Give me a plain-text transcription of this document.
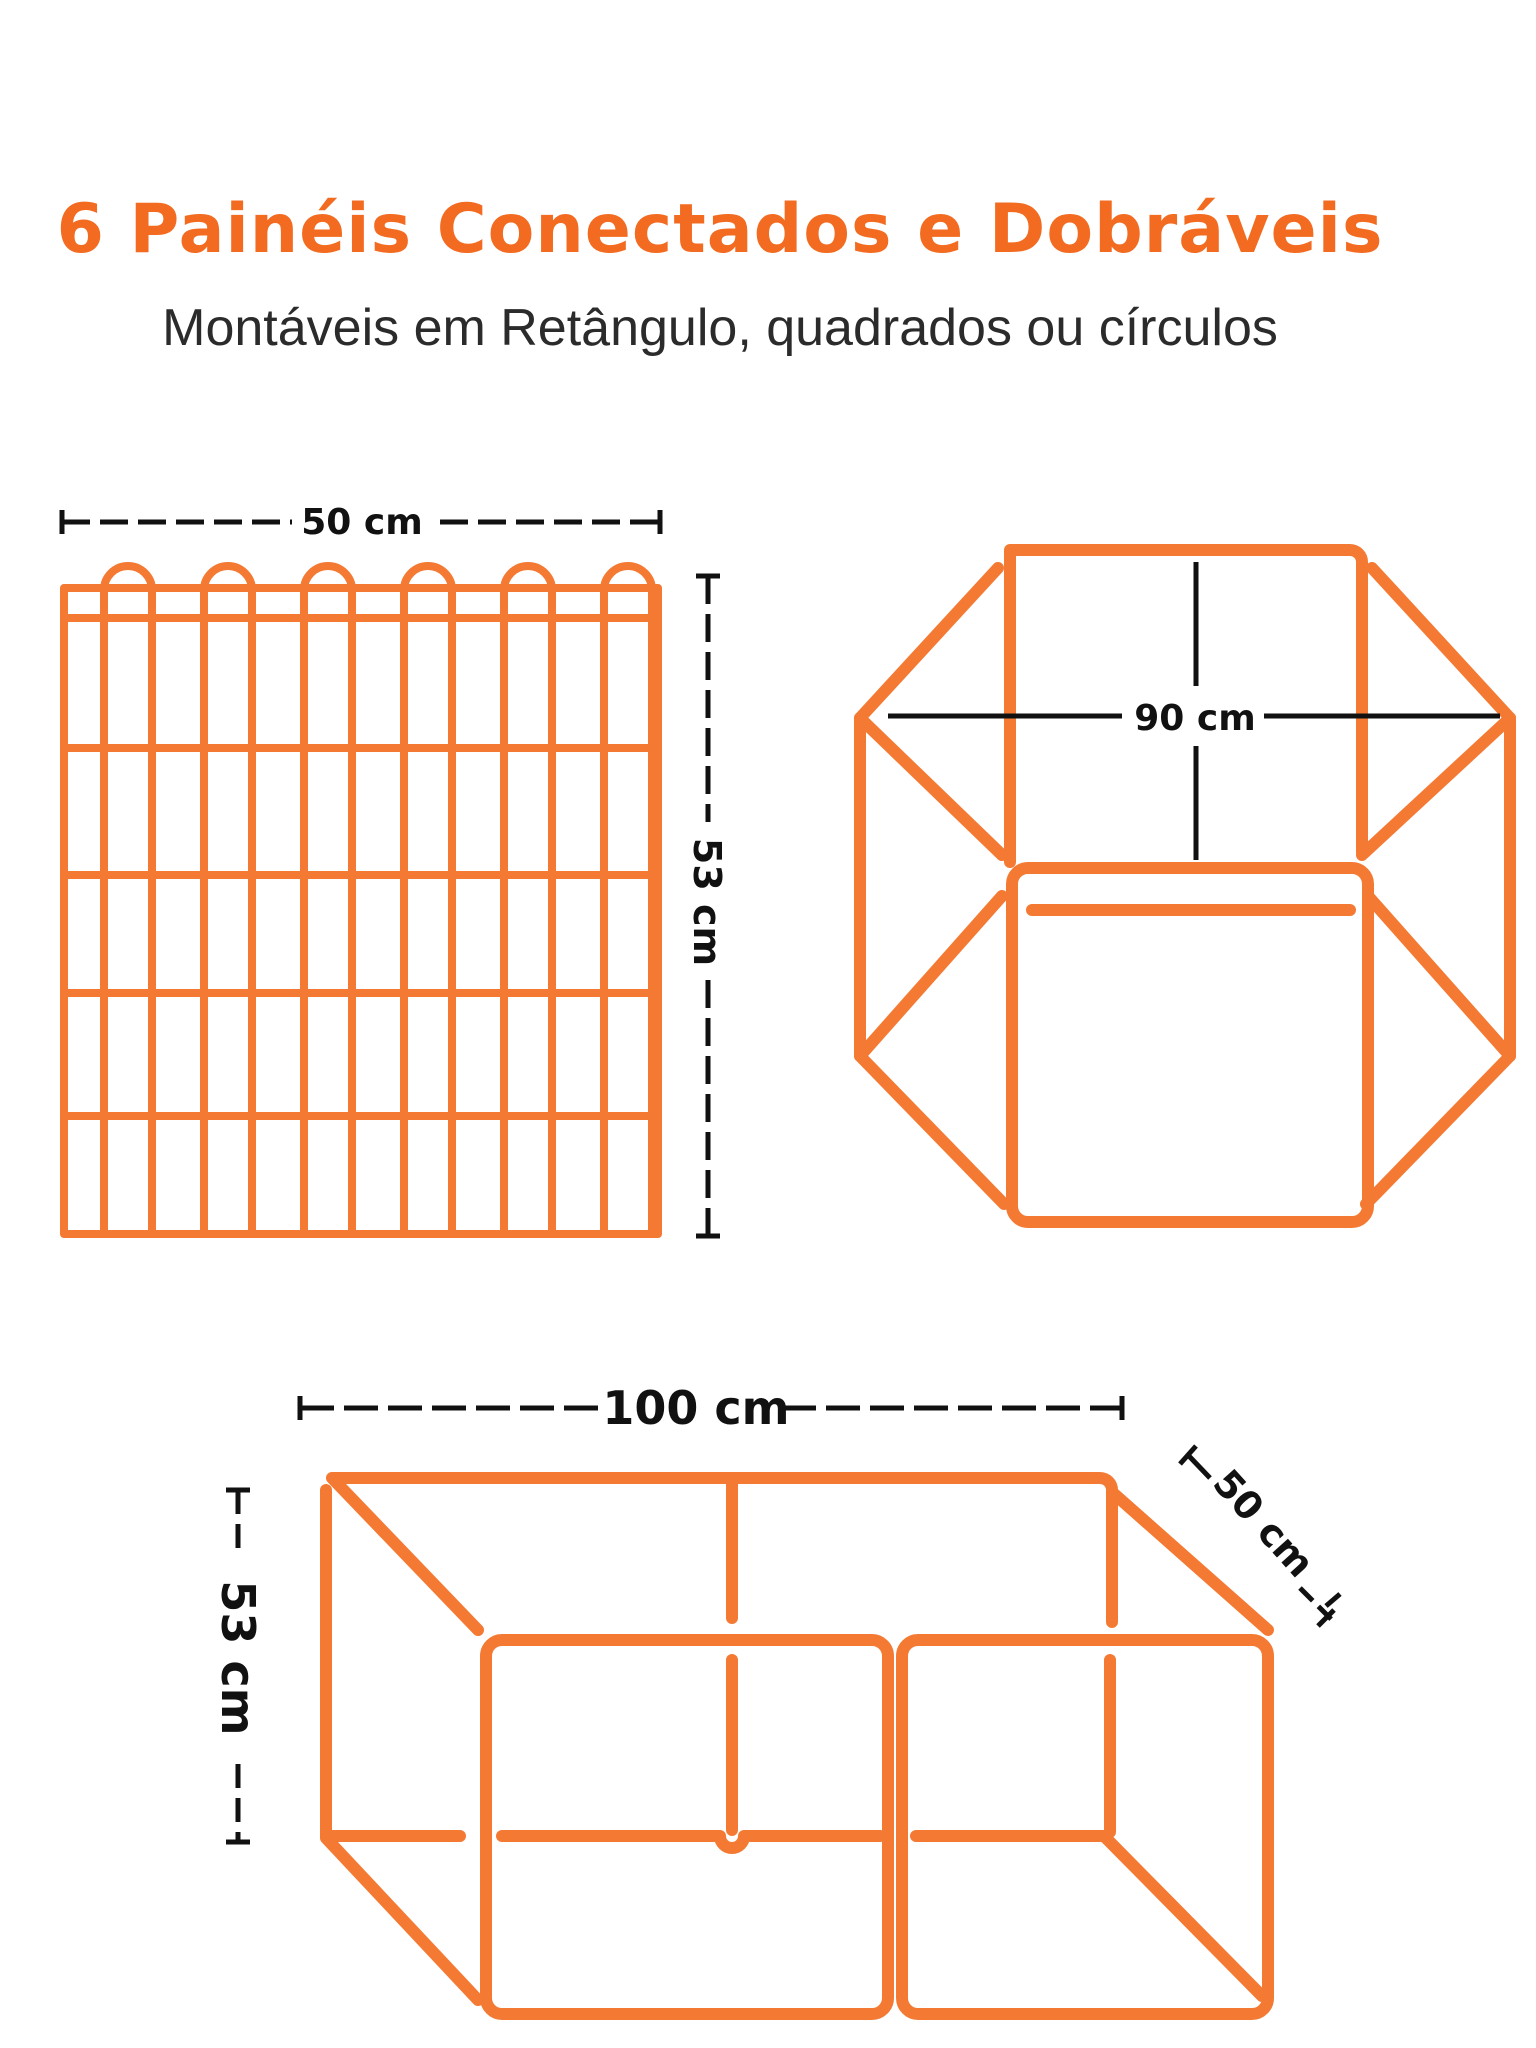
6 Painéis Conectados e Dobráveis
Montáveis em Retângulo, quadrados ou círculos
50 cm
53 cm
90 cm
100 cm
50 cm
53 cm
